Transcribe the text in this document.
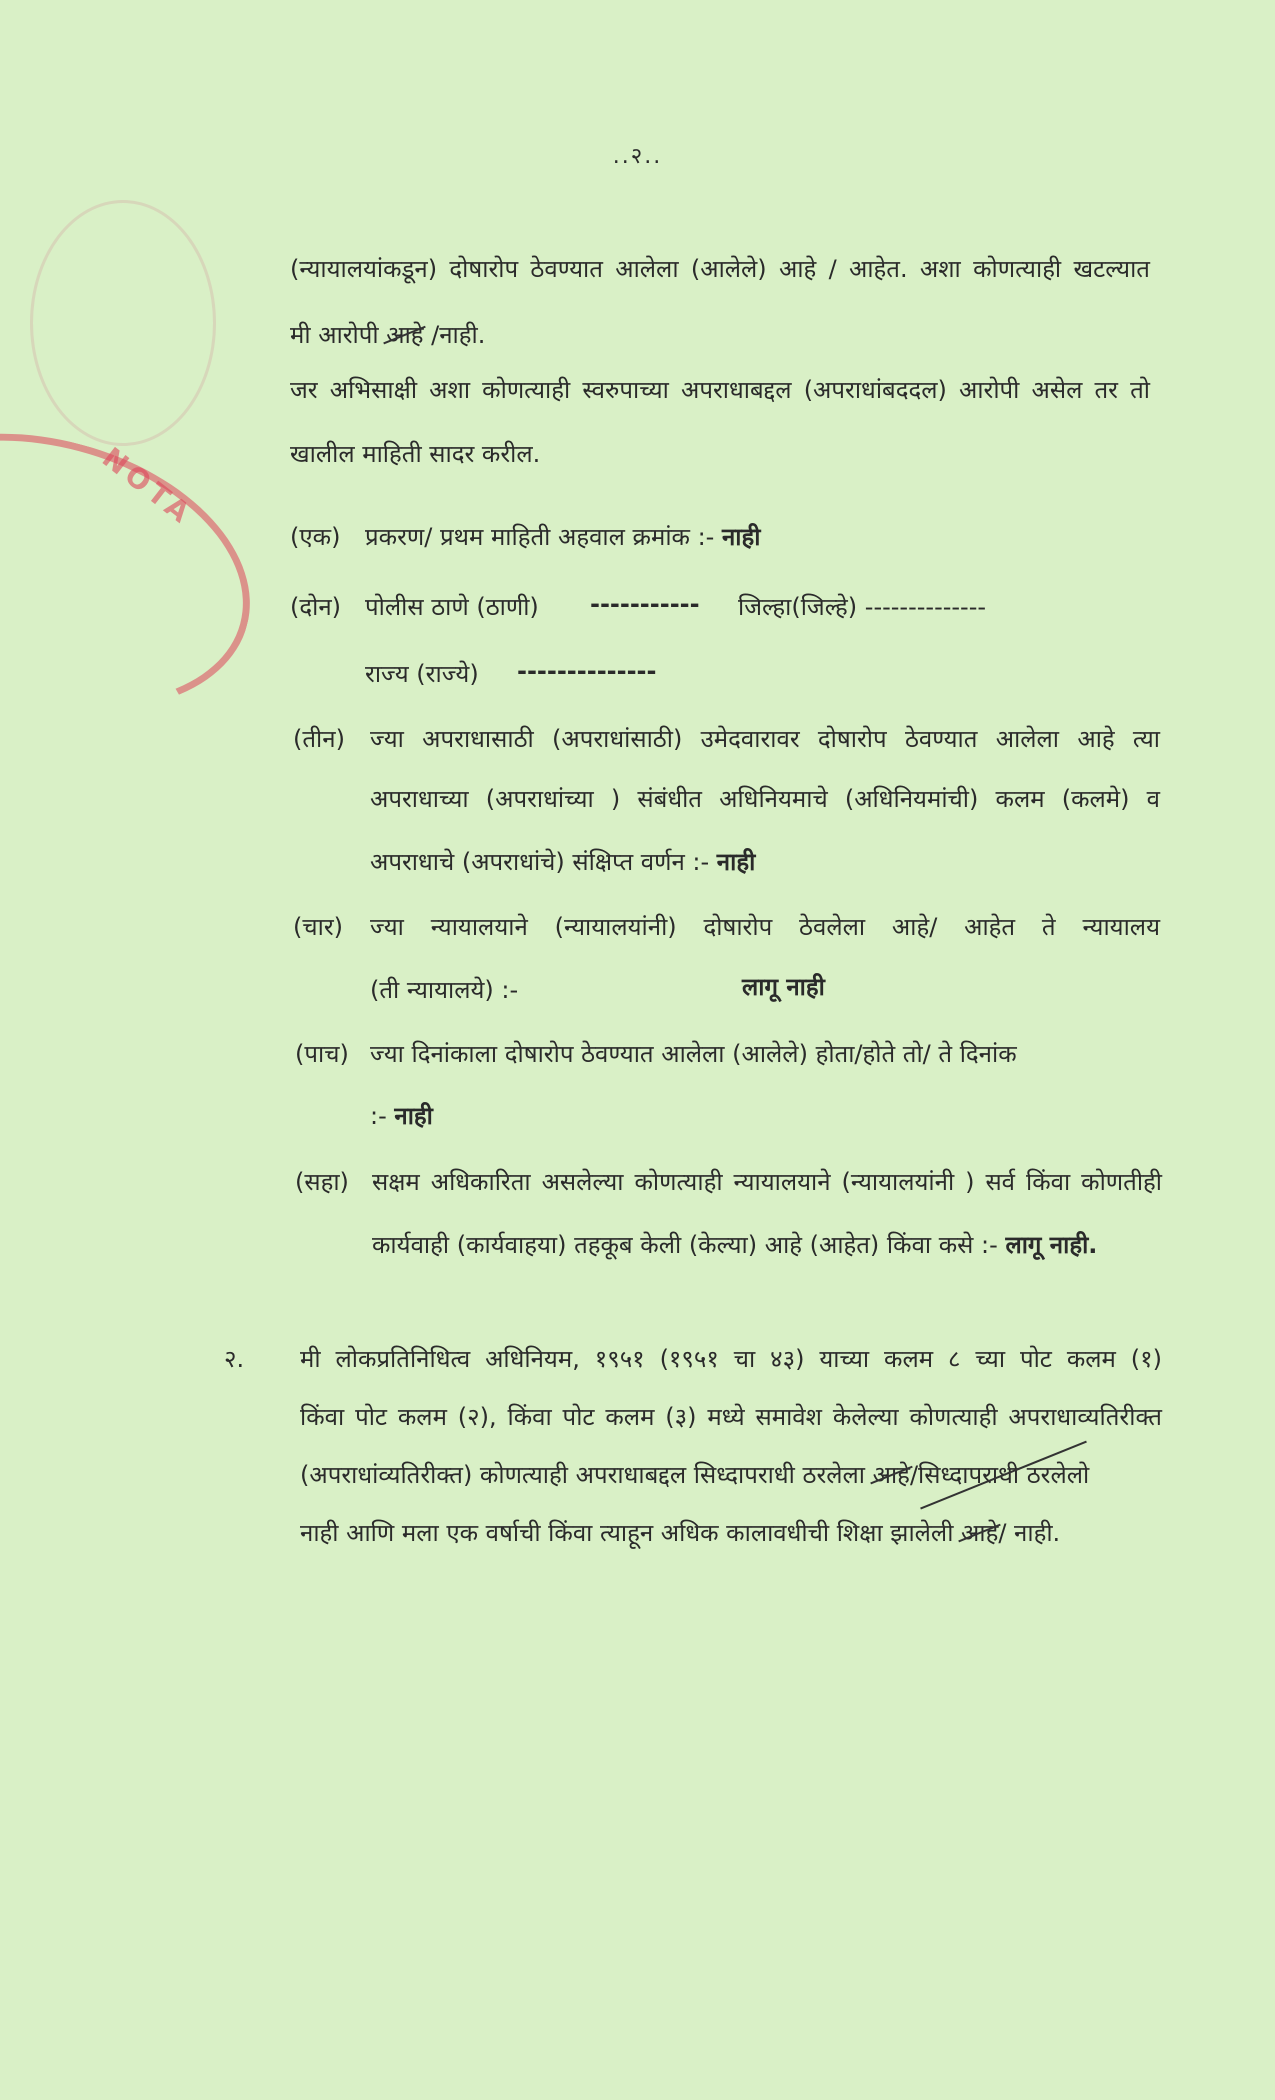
NOTA
..२..
(न्यायालयांकडून) दोषारोप ठेवण्यात आलेला (आलेले) आहे / आहेत. अशा कोणत्याही खटल्यात
मी आरोपी आहे /नाही.
जर अभिसाक्षी अशा कोणत्याही स्वरुपाच्या अपराधाबद्दल (अपराधांबददल) आरोपी असेल तर तो
खालील माहिती सादर करील.
(एक) प्रकरण/ प्रथम माहिती अहवाल क्रमांक :- नाही
(दोन) पोलीस ठाणे (ठाणी) ----------- जिल्हा(जिल्हे) --------------
राज्य (राज्ये) --------------
(तीन) ज्या अपराधासाठी (अपराधांसाठी) उमेदवारावर दोषारोप ठेवण्यात आलेला आहे त्या
अपराधाच्या (अपराधांच्या ) संबंधीत अधिनियमाचे (अधिनियमांची) कलम (कलमे) व
अपराधाचे (अपराधांचे) संक्षिप्त वर्णन :- नाही
(चार) ज्या न्यायालयाने (न्यायालयांनी) दोषारोप ठेवलेला आहे/ आहेत ते न्यायालय
(ती न्यायालये) :-	लागू नाही
(पाच) ज्या दिनांकाला दोषारोप ठेवण्यात आलेला (आलेले) होता/होते तो/ ते दिनांक
:- नाही
(सहा) सक्षम अधिकारिता असलेल्या कोणत्याही न्यायालयाने (न्यायालयांनी ) सर्व किंवा कोणतीही
कार्यवाही (कार्यवाहया) तहकूब केली (केल्या) आहे (आहेत) किंवा कसे :- लागू नाही.
२. मी लोकप्रतिनिधित्व अधिनियम, १९५१ (१९५१ चा ४३) याच्या कलम ८ च्या पोट कलम (१)
किंवा पोट कलम (२), किंवा पोट कलम (३) मध्ये समावेश केलेल्या कोणत्याही अपराधाव्यतिरीक्त
(अपराधांव्यतिरीक्त) कोणत्याही अपराधाबद्दल सिध्दापराधी ठरलेला आहे/सिध्दापराधी ठरलेलो
नाही आणि मला एक वर्षाची किंवा त्याहून अधिक कालावधीची शिक्षा झालेली आहे/ नाही.
